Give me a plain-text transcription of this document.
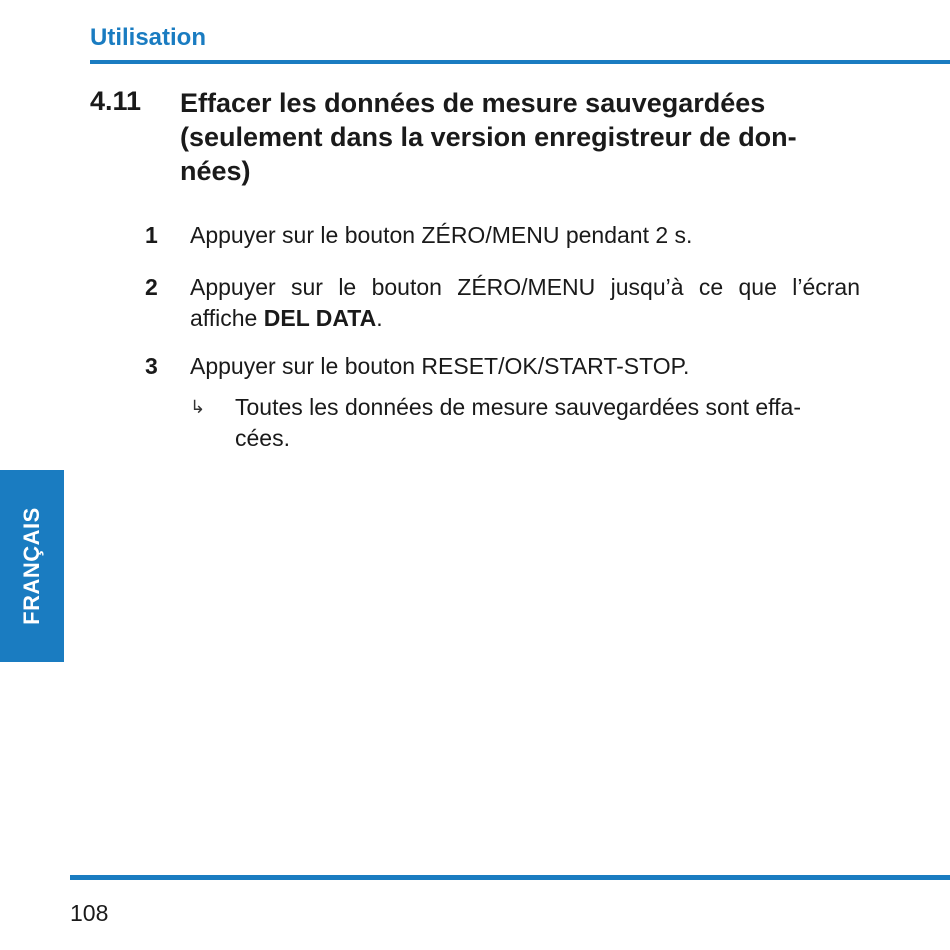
Utilisation
4.11 Effacer les données de mesure sauvegardées
(seulement dans la version enregistreur de don-
nées)
1	Appuyer sur le bouton ZÉRO/MENU pendant 2 s.
2	Appuyer sur le bouton ZÉRO/MENU jusqu’à ce que l’écran affiche DEL DATA.
3	Appuyer sur le bouton RESET/OK/START-STOP.
↳	Toutes les données de mesure sauvegardées sont effa-
cées.
FRANÇAIS
108
